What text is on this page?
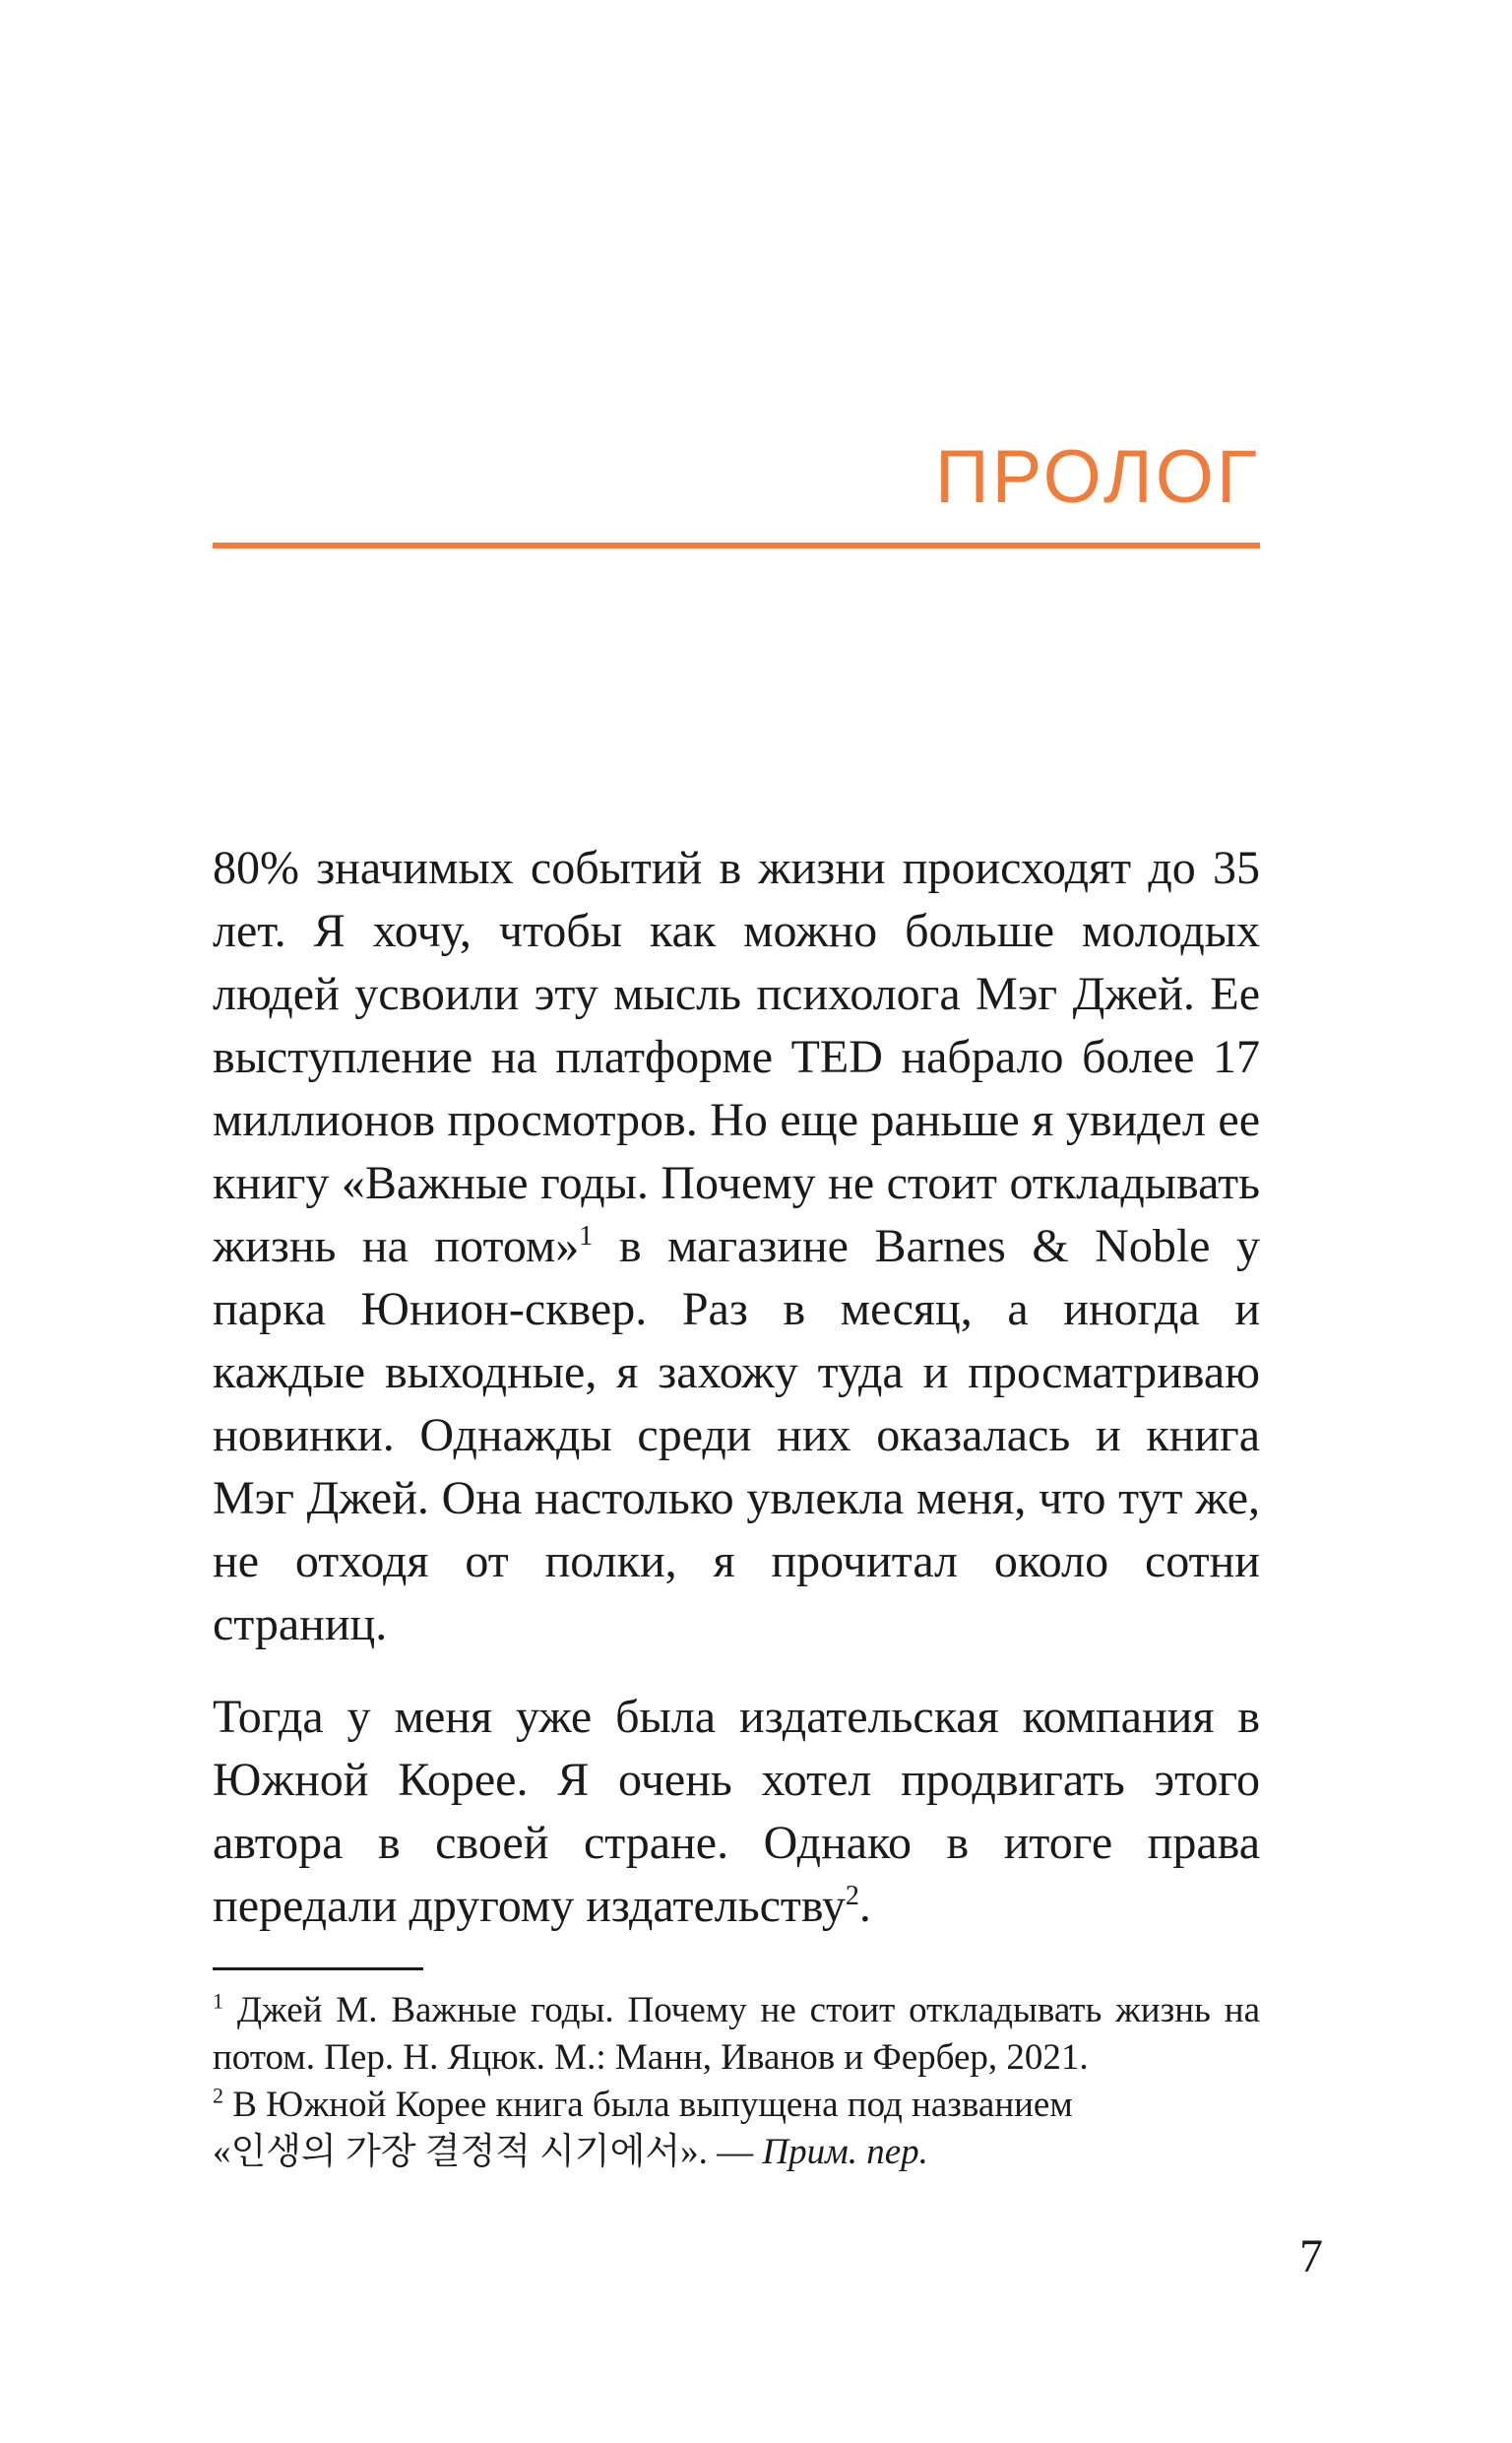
ПРОЛОГ

80% значимых событий в жизни происходят до 35 лет. Я хочу, чтобы как можно больше молодых людей усвоили эту мысль психолога Мэг Джей. Ее выступление на платформе TED набрало более 17 миллионов просмотров. Но еще раньше я увидел ее книгу «Важные годы. Почему не стоит откладывать жизнь на потом»$^1$ в магазине Barnes & Noble у парка Юнион-сквер. Раз в месяц, а иногда и каждые выходные, я захожу туда и просматриваю новинки. Однажды среди них оказалась и книга Мэг Джей. Она настолько увлекла меня, что тут же, не отходя от полки, я прочитал около сотни страниц.

Тогда у меня уже была издательская компания в Южной Корее. Я очень хотел продвигать этого автора в своей стране. Однако в итоге права передали другому издательству$^2$.

$^1$ Джей М. Важные годы. Почему не стоит откладывать жизнь на потом. Пер. Н. Яцюк. М.: Манн, Иванов и Фербер, 2021.

$^2$ В Южной Корее книга была выпущена под названием
«인생의 가장 결정적 시기에서». — Прим. пер.

7
